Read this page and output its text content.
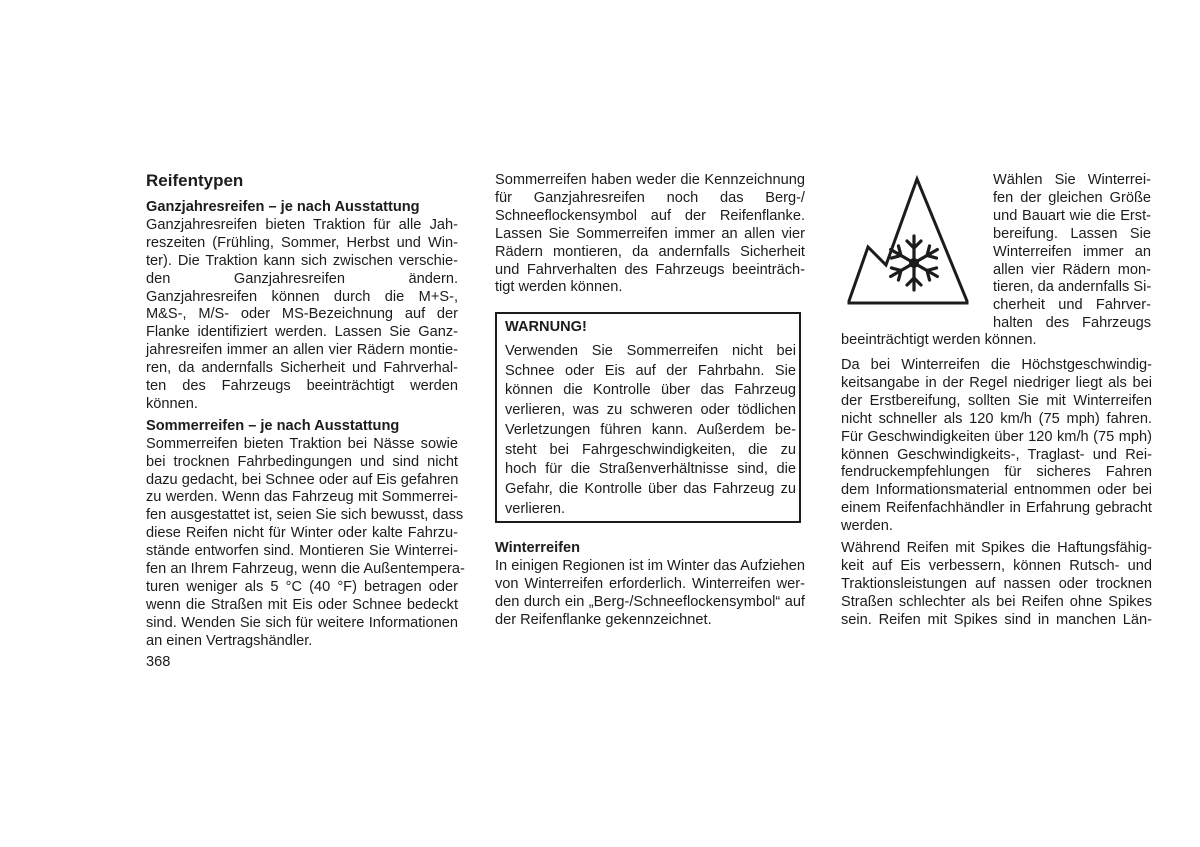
Reifentypen
Ganzjahresreifen – je nach Ausstattung
Ganzjahresreifen bieten Traktion für alle Jah-
reszeiten (Frühling, Sommer, Herbst und Win-
ter). Die Traktion kann sich zwischen verschie-
den Ganzjahresreifen ändern.
Ganzjahresreifen können durch die M+S-,
M&S-, M/S- oder MS-Bezeichnung auf der
Flanke identifiziert werden. Lassen Sie Ganz-
jahresreifen immer an allen vier Rädern montie-
ren, da andernfalls Sicherheit und Fahrverhal-
ten des Fahrzeugs beeinträchtigt werden
können.
Sommerreifen – je nach Ausstattung
Sommerreifen bieten Traktion bei Nässe sowie
bei trocknen Fahrbedingungen und sind nicht
dazu gedacht, bei Schnee oder auf Eis gefahren
zu werden. Wenn das Fahrzeug mit Sommerrei-
fen ausgestattet ist, seien Sie sich bewusst, dass
diese Reifen nicht für Winter oder kalte Fahrzu-
stände entworfen sind. Montieren Sie Winterrei-
fen an Ihrem Fahrzeug, wenn die Außentempera-
turen weniger als 5 °C (40 °F) betragen oder
wenn die Straßen mit Eis oder Schnee bedeckt
sind. Wenden Sie sich für weitere Informationen
an einen Vertragshändler.
368
Sommerreifen haben weder die Kennzeichnung
für Ganzjahresreifen noch das Berg-/
Schneeflockensymbol auf der Reifenflanke.
Lassen Sie Sommerreifen immer an allen vier
Rädern montieren, da andernfalls Sicherheit
und Fahrverhalten des Fahrzeugs beeinträch-
tigt werden können.
WARNUNG!
Verwenden Sie Sommerreifen nicht bei
Schnee oder Eis auf der Fahrbahn. Sie
können die Kontrolle über das Fahrzeug
verlieren, was zu schweren oder tödlichen
Verletzungen führen kann. Außerdem be-
steht bei Fahrgeschwindigkeiten, die zu
hoch für die Straßenverhältnisse sind, die
Gefahr, die Kontrolle über das Fahrzeug zu
verlieren.
Winterreifen
In einigen Regionen ist im Winter das Aufziehen
von Winterreifen erforderlich. Winterreifen wer-
den durch ein „Berg-/Schneeflockensymbol“ auf
der Reifenflanke gekennzeichnet.
Wählen Sie Winterrei-
fen der gleichen Größe
und Bauart wie die Erst-
bereifung. Lassen Sie
Winterreifen immer an
allen vier Rädern mon-
tieren, da andernfalls Si-
cherheit und Fahrver-
halten des Fahrzeugs
beeinträchtigt werden können.
Da bei Winterreifen die Höchstgeschwindig-
keitsangabe in der Regel niedriger liegt als bei
der Erstbereifung, sollten Sie mit Winterreifen
nicht schneller als 120 km/h (75 mph) fahren.
Für Geschwindigkeiten über 120 km/h (75 mph)
können Geschwindigkeits-, Traglast- und Rei-
fendruckempfehlungen für sicheres Fahren
dem Informationsmaterial entnommen oder bei
einem Reifenfachhändler in Erfahrung gebracht
werden.
Während Reifen mit Spikes die Haftungsfähig-
keit auf Eis verbessern, können Rutsch- und
Traktionsleistungen auf nassen oder trocknen
Straßen schlechter als bei Reifen ohne Spikes
sein. Reifen mit Spikes sind in manchen Län-
